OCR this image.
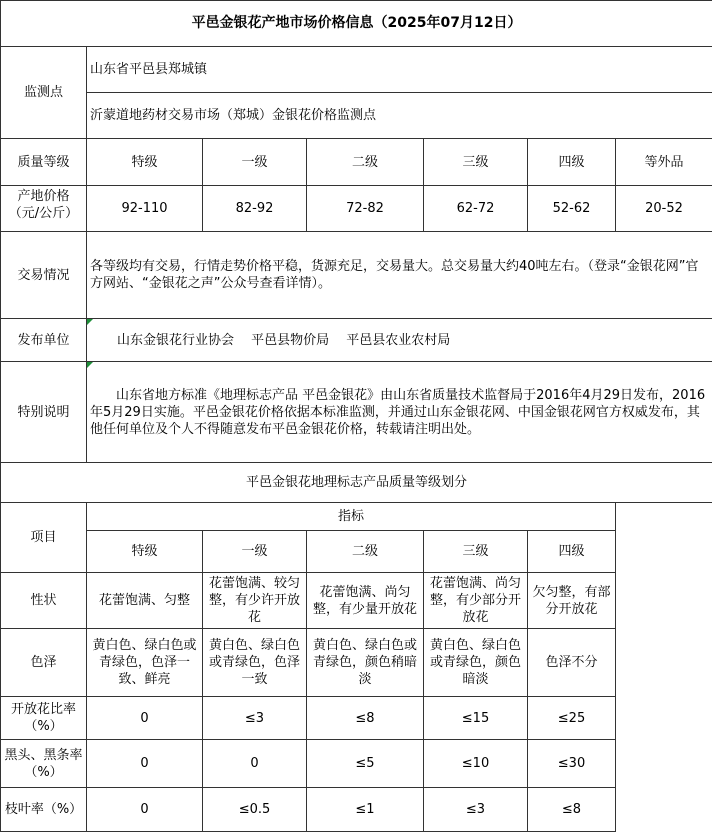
平邑金银花产地市场价格信息（2025年07月12日）						
监测点	山东省平邑县郑城镇					
	沂蒙道地药材交易市场（郑城）金银花价格监测点					
质量等级	特级	一级	二级	三级	四级	等外品
产地价格（元/公斤）	92-110	82-92	72-82	62-72	52-62	20-52
交易情况	各等级均有交易，行情走势价格平稳，货源充足，交易量大。总交易量大约40吨左右。（登录“金银花网”官方网站、“金银花之声”公众号查看详情）。					
发布单位	山东金银花行业协会　 平邑县物价局　 平邑县农业农村局					
特别说明	山东省地方标准《地理标志产品 平邑金银花》由山东省质量技术监督局于2016年4月29日发布，2016年5月29日实施。平邑金银花价格依据本标准监测，并通过山东金银花网、中国金银花网官方权威发布，其他任何单位及个人不得随意发布平邑金银花价格，转载请注明出处。					
平邑金银花地理标志产品质量等级划分						
项目	指标					
	特级	一级	二级	三级	四级	
性状	花蕾饱满、匀整	花蕾饱满、较匀整，有少许开放花	花蕾饱满、尚匀整，有少量开放花	花蕾饱满、尚匀整，有少部分开放花	欠匀整，有部分开放花	
色泽	黄白色、绿白色或青绿色，色泽一致、鲜亮	黄白色、绿白色或青绿色，色泽一致	黄白色、绿白色或青绿色，颜色稍暗淡	黄白色、绿白色或青绿色，颜色暗淡	色泽不分	
开放花比率（%）	0	≤3	≤8	≤15	≤25	
黑头、黑条率（%）	0	0	≤5	≤10	≤30	
枝叶率（%）	0	≤0.5	≤1	≤3	≤8	
